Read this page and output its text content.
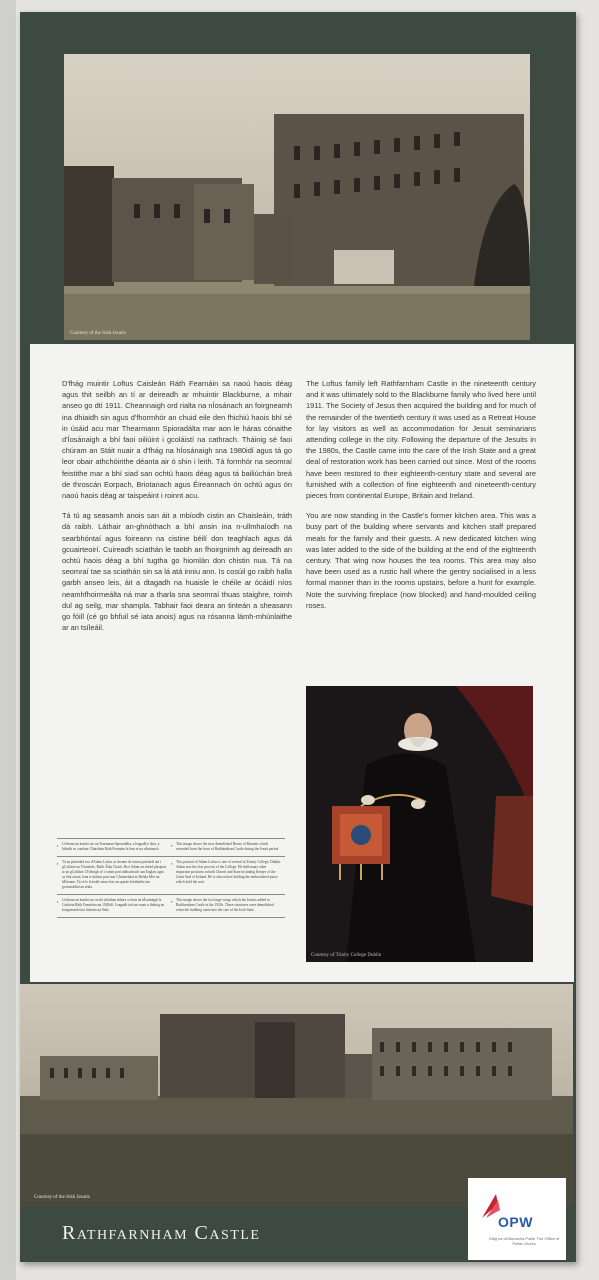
Courtesy of the Irish Jesuits

D'fhág muintir Loftus Caisleán Ráth Fearnáin sa naoú haois déag agus thit seilbh an tí ar deireadh ar mhuintir Blackburne, a mhair anseo go dtí 1911. Cheannaigh ord rialta na nÍosánach an foirgneamh ina dhiaidh sin agus d'fhormhór an chuid eile den fhichiú haois bhí sé in úsáid acu mar Thearmann Spioradálta mar aon le háras cónaithe d'Íosánaigh a bhí faoi oiliúint i gcoláistí na cathrach. Tháinig sé faoi chúram an Stáit nuair a d'fhág na hÍosánaigh sna 1980idí agus tá go leor obair athchóirithe déanta air ó shin i leith. Tá formhór na seomraí feistithe mar a bhí siad san ochtú haois déag agus tá bailiúchán breá de throscán Eorpach, Briotanach agus Éireannach ón ochtú agus ón naoú haois déag ar taispeáint i roinnt acu.

Tá tú ag seasamh anois san áit a mbíodh cistin an Chaisleáin, tráth dá raibh. Láthair an-ghnóthach a bhí ansin ina n-ullmhaíodh na searbhóntaí agus foireann na cistine béilí don teaghlach agus dá gcuairteoirí. Cuireadh sciathán le taobh an fhoirgnimh ag deireadh an ochtú haois déag a bhí tugtha go hiomlán don chistin nua. Tá na seomraí tae sa sciathán sin sa lá atá inniu ann. Is cosúil go raibh halla garbh anseo leis, áit a dtagadh na huaisle le chéile ar ócáidí níos neamhfhoirmeálta ná mar a tharla sna seomraí thuas staighre, roimh dul ag seilg, mar shampla. Tabhair faoi deara an tinteán a sheasann go fóill (cé go bhfuil sé iata anois) agus na rósanna lámh-mhúnlaithe ar an tsíleáil.

The Loftus family left Rathfarnham Castle in the nineteenth century and it was ultimately sold to the Blackburne family who lived here until 1911. The Society of Jesus then acquired the building and for much of the remainder of the twentieth century it was used as a Retreat House for lay visitors as well as accommodation for Jesuit seminarians attending college in the city. Following the departure of the Jesuits in the 1980s, the Castle came into the care of the Irish State and a great deal of restoration work has been carried out since. Most of the rooms have been restored to their eighteenth-century state and several are furnished with a collection of fine eighteenth and nineteenth-century pieces from continental Europe, Britain and Ireland.

You are now standing in the Castle's former kitchen area. This was a busy part of the building where servants and kitchen staff prepared meals for the family and their guests. A new dedicated kitchen wing was later added to the side of the building at the end of the eighteenth century. That wing now houses the tea rooms. This area may also have been used as a rustic hall where the gentry socialised in a less formal manner than in the rooms upstairs, before a hunt for example. Note the surviving fireplace (now blocked) and hand-moulded ceiling roses.

Courtesy of Trinity College Dublin
▪ Léiríonn an íomhá seo an Tearmann Spioradálta, a leagadh ó shin, a bhíodh os comhair Chaisleán Ráth Fearnáin le linn ré na nÍosánach.
▪ This image shows the now demolished House of Retreats which extended from the front of Rathfarnham Castle during the Jesuit period.
▪ Tá an phortráid seo d'Adam Loftus ar cheann de roinnt portráidí atá i gColáiste na Tríonóide, Baile Átha Cliath. Ba é Adam an chéad phropast ar an gColáiste. D'oibrigh sé i roinnt post tábhachtach san Eaglais agus sa Stát araon, lena n-áirítear post mar Choimeádaí ar Shéala Mór na hÉireann. Tá sé le feiceáil anseo leis an sparán bróidnithe ina gcoimeádtaí an séala.
▪ This portrait of Adam Loftus is one of several in Trinity College, Dublin. Adam was the first provost of the College. He held many other important positions in both Church and State including Keeper of the Great Seal of Ireland. He is shown here holding the embroidered purse which held the seal.
▪ Léiríonn an íomhá seo an dá chluthan mhóra a chuir na hÍosánaigh le Caisleán Ráth Fearnáin sna 1920idí. Leagadh iad seo nuair a tháinig an foirgneamh faoi chúram an Stáit.
▪ This image shows the two large wings which the Jesuits added to Rathfarnham Castle in the 1920s. These structures were demolished when the building came into the care of the Irish State.
Courtesy of the Irish Jesuits
Rathfarnham Castle	OPW
Oifig na nOibreacha Poiblí The Office of Public Works
